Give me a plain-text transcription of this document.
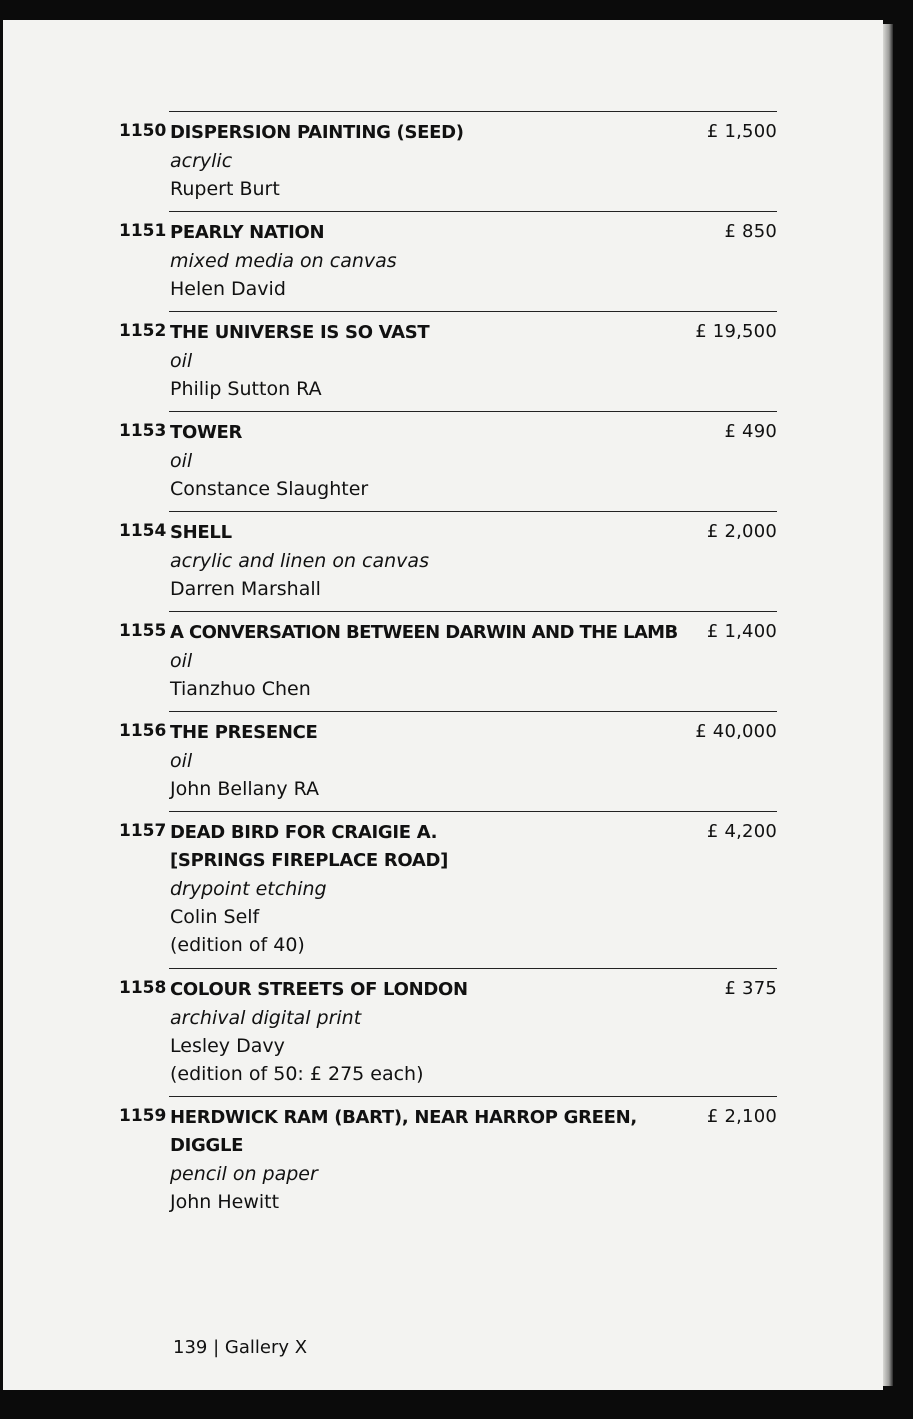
1150	£ 1,500
DISPERSION PAINTING (SEED)
acrylic
Rupert Burt
1151	£ 850
PEARLY NATION
mixed media on canvas
Helen David
1152	£ 19,500
THE UNIVERSE IS SO VAST
oil
Philip Sutton RA
1153	£ 490
TOWER
oil
Constance Slaughter
1154	£ 2,000
SHELL
acrylic and linen on canvas
Darren Marshall
1155	£ 1,400
A CONVERSATION BETWEEN DARWIN AND THE LAMB
oil
Tianzhuo Chen
1156	£ 40,000
THE PRESENCE
oil
John Bellany RA
1157	£ 4,200
DEAD BIRD FOR CRAIGIE A. [SPRINGS FIREPLACE ROAD]
drypoint etching
Colin Self
(edition of 40)
1158	£ 375
COLOUR STREETS OF LONDON
archival digital print
Lesley Davy
(edition of 50: £ 275 each)
1159	£ 2,100
HERDWICK RAM (BART), NEAR HARROP GREEN, DIGGLE
pencil on paper
John Hewitt
139 | Gallery X
